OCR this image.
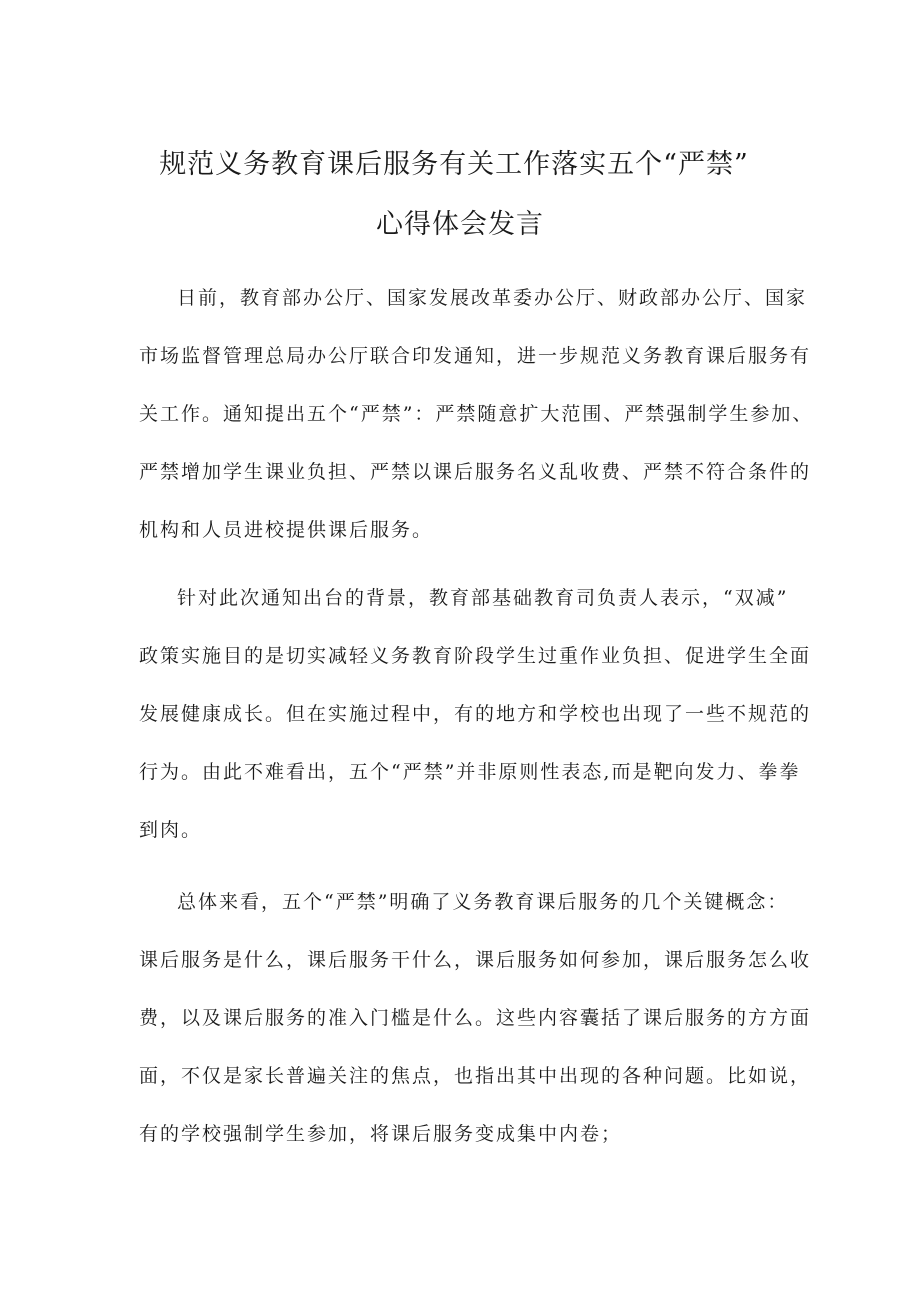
规范义务教育课后服务有关工作落实五个“严禁”
心得体会发言
日前，教育部办公厅、国家发展改革委办公厅、财政部办公厅、国家
市场监督管理总局办公厅联合印发通知，进一步规范义务教育课后服务有
关工作。通知提出五个“严禁”：严禁随意扩大范围、严禁强制学生参加、
严禁增加学生课业负担、严禁以课后服务名义乱收费、严禁不符合条件的
机构和人员进校提供课后服务。
针对此次通知出台的背景，教育部基础教育司负责人表示，“双减”
政策实施目的是切实减轻义务教育阶段学生过重作业负担、促进学生全面
发展健康成长。但在实施过程中，有的地方和学校也出现了一些不规范的
行为。由此不难看出，五个“严禁”并非原则性表态,而是靶向发力、拳拳
到肉。
总体来看，五个“严禁”明确了义务教育课后服务的几个关键概念：
课后服务是什么，课后服务干什么，课后服务如何参加，课后服务怎么收
费，以及课后服务的准入门槛是什么。这些内容囊括了课后服务的方方面
面，不仅是家长普遍关注的焦点，也指出其中出现的各种问题。比如说，
有的学校强制学生参加，将课后服务变成集中内卷；
